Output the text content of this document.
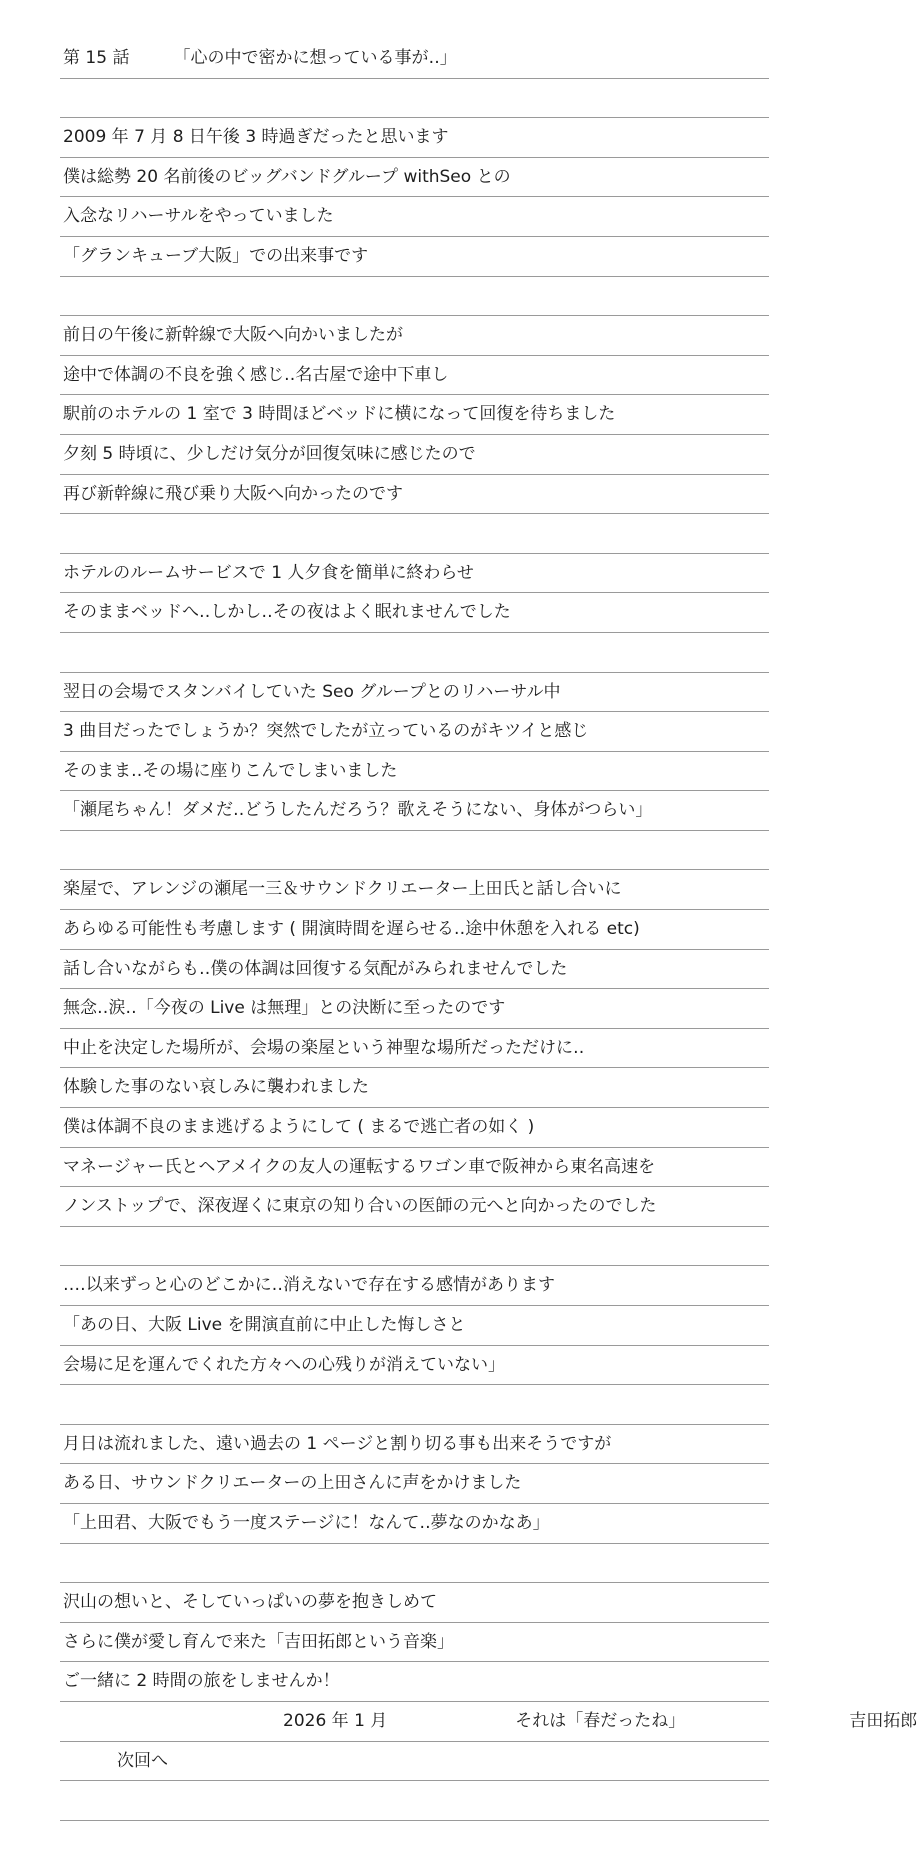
第 15 話	「心の中で密かに想っている事が‥」
2009 年 7 月 8 日午後 3 時過ぎだったと思います
僕は総勢 20 名前後のビッグバンドグループ withSeo との
入念なリハーサルをやっていました
「グランキューブ大阪」での出来事です
前日の午後に新幹線で大阪へ向かいましたが
途中で体調の不良を強く感じ‥名古屋で途中下車し
駅前のホテルの 1 室で 3 時間ほどベッドに横になって回復を待ちました
夕刻 5 時頃に、少しだけ気分が回復気味に感じたので
再び新幹線に飛び乗り大阪へ向かったのです
ホテルのルームサービスで 1 人夕食を簡単に終わらせ
そのままベッドへ‥しかし‥その夜はよく眠れませんでした
翌日の会場でスタンバイしていた Seo グループとのリハーサル中
3 曲目だったでしょうか？突然でしたが立っているのがキツイと感じ
そのまま‥その場に座りこんでしまいました
「瀬尾ちゃん！ダメだ‥どうしたんだろう？歌えそうにない、身体がつらい」
楽屋で、アレンジの瀬尾一三＆サウンドクリエーター上田氏と話し合いに
あらゆる可能性も考慮します ( 開演時間を遅らせる‥途中休憩を入れる etc)
話し合いながらも‥僕の体調は回復する気配がみられませんでした
無念‥涙‥「今夜の Live は無理」との決断に至ったのです
中止を決定した場所が、会場の楽屋という神聖な場所だっただけに‥
体験した事のない哀しみに襲われました
僕は体調不良のまま逃げるようにして ( まるで逃亡者の如く )
マネージャー氏とヘアメイクの友人の運転するワゴン車で阪神から東名高速を
ノンストップで、深夜遅くに東京の知り合いの医師の元へと向かったのでした
‥‥以来ずっと心のどこかに‥消えないで存在する感情があります
「あの日、大阪 Live を開演直前に中止した悔しさと
会場に足を運んでくれた方々への心残りが消えていない」
月日は流れました、遠い過去の 1 ページと割り切る事も出来そうですが
ある日、サウンドクリエーターの上田さんに声をかけました
「上田君、大阪でもう一度ステージに！なんて‥夢なのかなあ」
沢山の想いと、そしていっぱいの夢を抱きしめて
さらに僕が愛し育んで来た「吉田拓郎という音楽」
ご一緒に 2 時間の旅をしませんか！
2026 年 1 月	それは「春だったね」	吉田拓郎
次回へ
